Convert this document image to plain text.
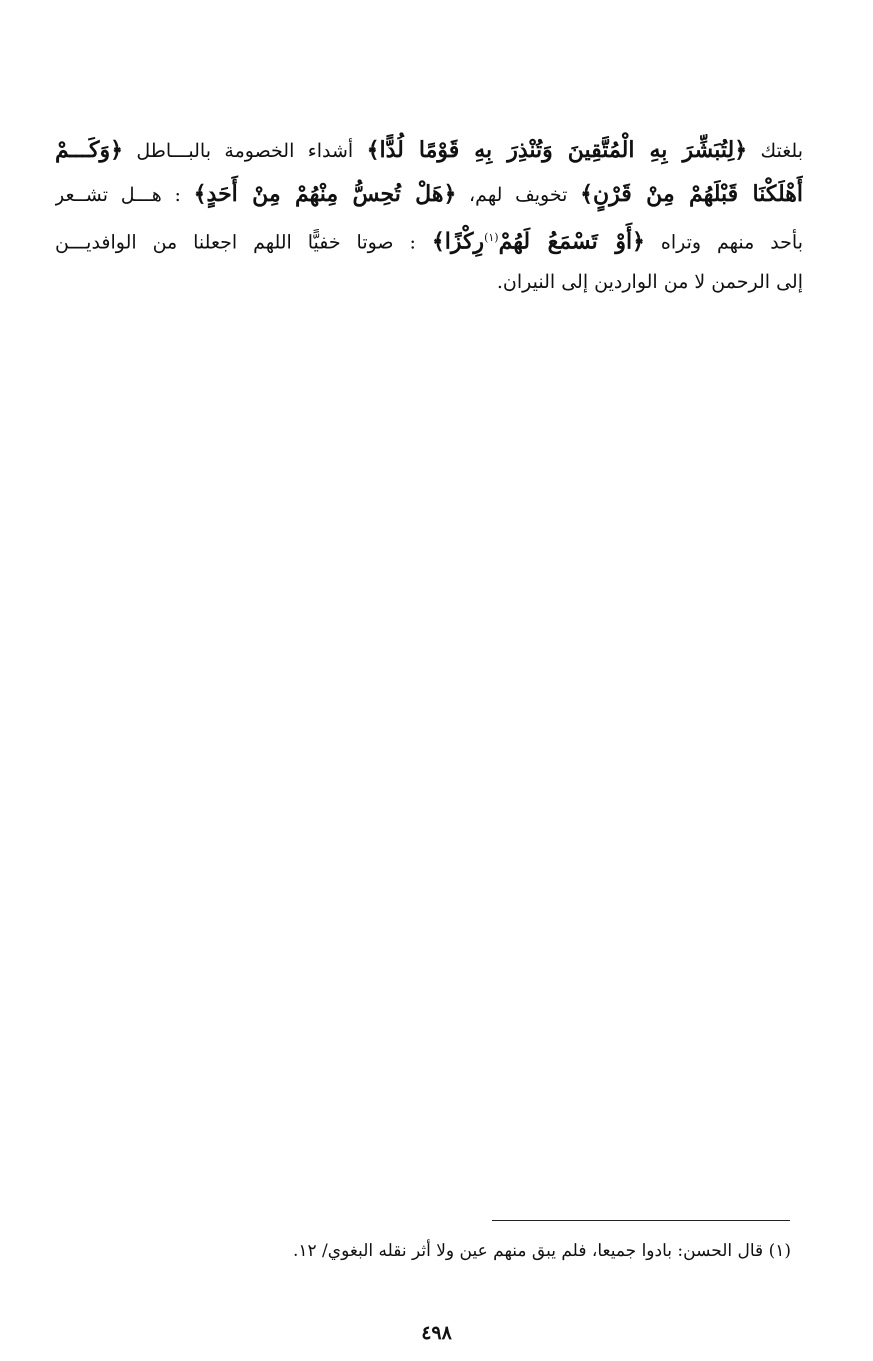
بلغتك ﴿لِتُبَشِّرَ بِهِ الْمُتَّقِينَ وَتُنْذِرَ بِهِ قَوْمًا لُدًّا﴾ أشداء الخصومة بالبـــاطل ﴿وَكَـــمْ
أَهْلَكْنَا قَبْلَهُمْ مِنْ قَرْنٍ﴾ تخويف لهم، ﴿هَلْ تُحِسُّ مِنْهُمْ مِنْ أَحَدٍ﴾ : هـــل تشــعر
بأحد منهم وتراه ﴿أَوْ تَسْمَعُ لَهُمْ$^{(١)}$رِكْزًا﴾ : صوتا خفيًّا اللهم اجعلنا من الوافديـــن
إلى الرحمن لا من الواردين إلى النيران.
(١) قال الحسن: بادوا جميعا، فلم يبق منهم عين ولا أثر نقله البغوي/ ١٢.
٤٩٨
